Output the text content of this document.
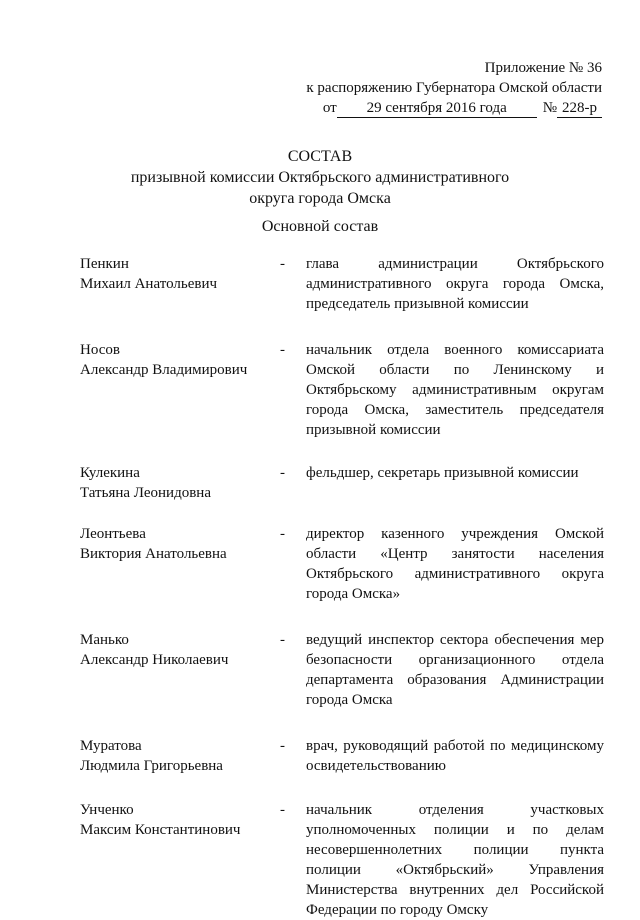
Приложение № 36
к распоряжению Губернатора Омской области
от	29 сентября 2016 года	№ 228-р
СОСТАВ
призывной комиссии Октябрьского административного
округа города Омска
Основной состав
Пенкин
Михаил Анатольевич
-	глава администрации Октябрьского административного округа города Омска, председатель призывной комиссии
Носов
Александр Владимирович
-	начальник отдела военного комиссариата Омской области по Ленинскому и Октябрьскому административным округам города Омска, заместитель председателя призывной комиссии
Кулекина
Татьяна Леонидовна
-	фельдшер, секретарь призывной комиссии
Леонтьева
Виктория Анатольевна
-	директор казенного учреждения Омской области «Центр занятости населения Октябрьского административного округа города Омска»
Манько
Александр Николаевич
-	ведущий инспектор сектора обеспечения мер безопасности организационного отдела департамента образования Администрации города Омска
Муратова
Людмила Григорьевна
-	врач, руководящий работой по медицинскому освидетельствованию
Унченко
Максим Константинович
-	начальник отделения участковых уполномоченных полиции и по делам несовершеннолетних полиции пункта полиции «Октябрьский» Управления Министерства внутренних дел Российской Федерации по городу Омску
